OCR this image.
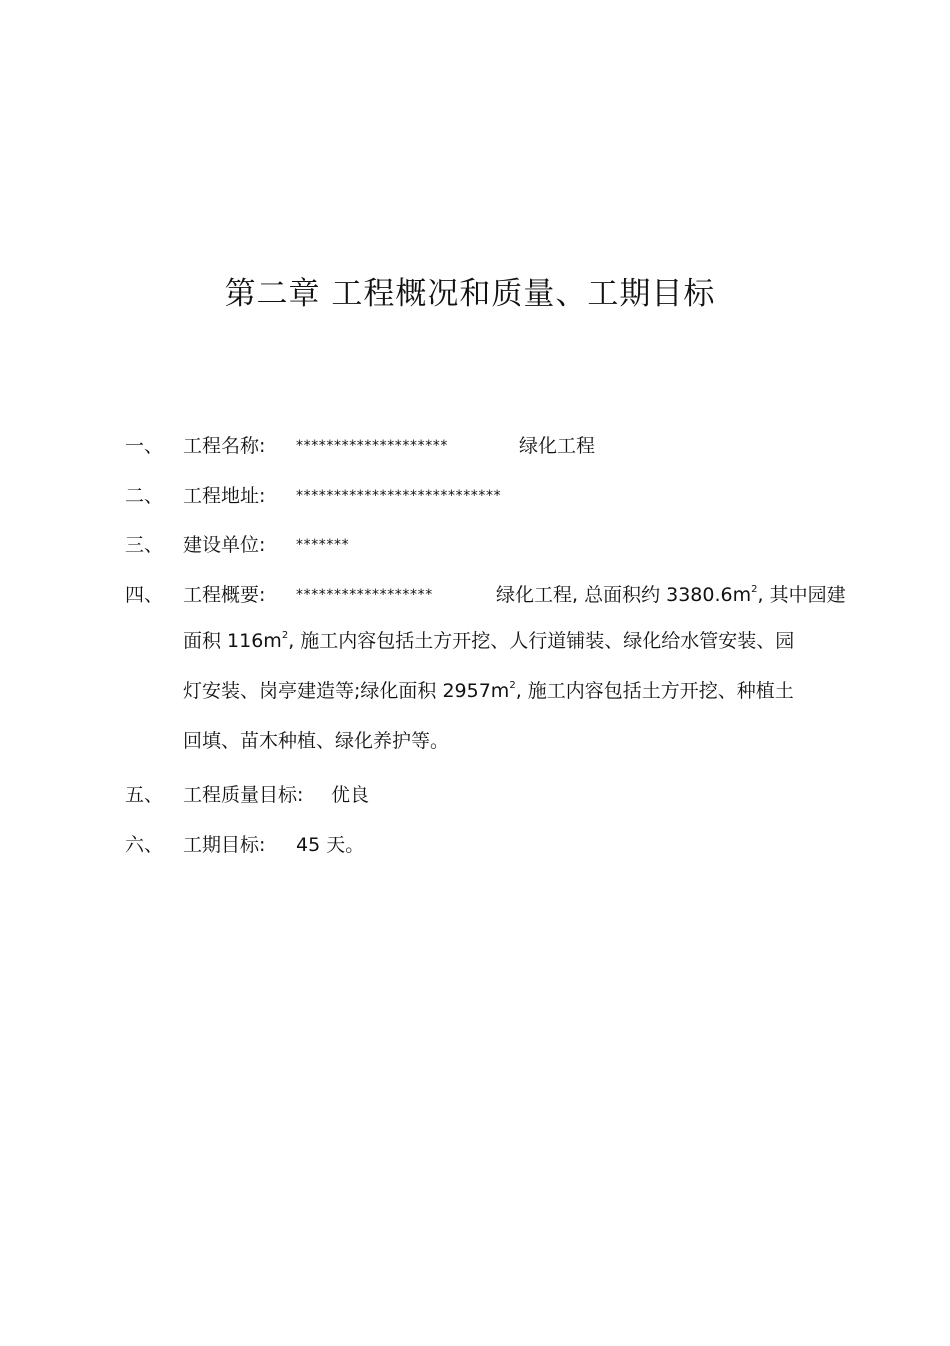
第二章 工程概况和质量、工期目标
一、 工程名称: ********************	绿化工程
二、 工程地址: ***************************
三、 建设单位: *******
四、 工程概要: ******************	绿化工程, 总面积约 $3380.6m^2$, 其中园建
面积 $116m^2$, 施工内容包括土方开挖、人行道铺装、绿化给水管安装、园
灯安装、岗亭建造等;绿化面积 $2957m^2$, 施工内容包括土方开挖、种植土
回填、苗木种植、绿化养护等。
五、 工程质量目标: 优良
六、 工期目标: 45 天。
